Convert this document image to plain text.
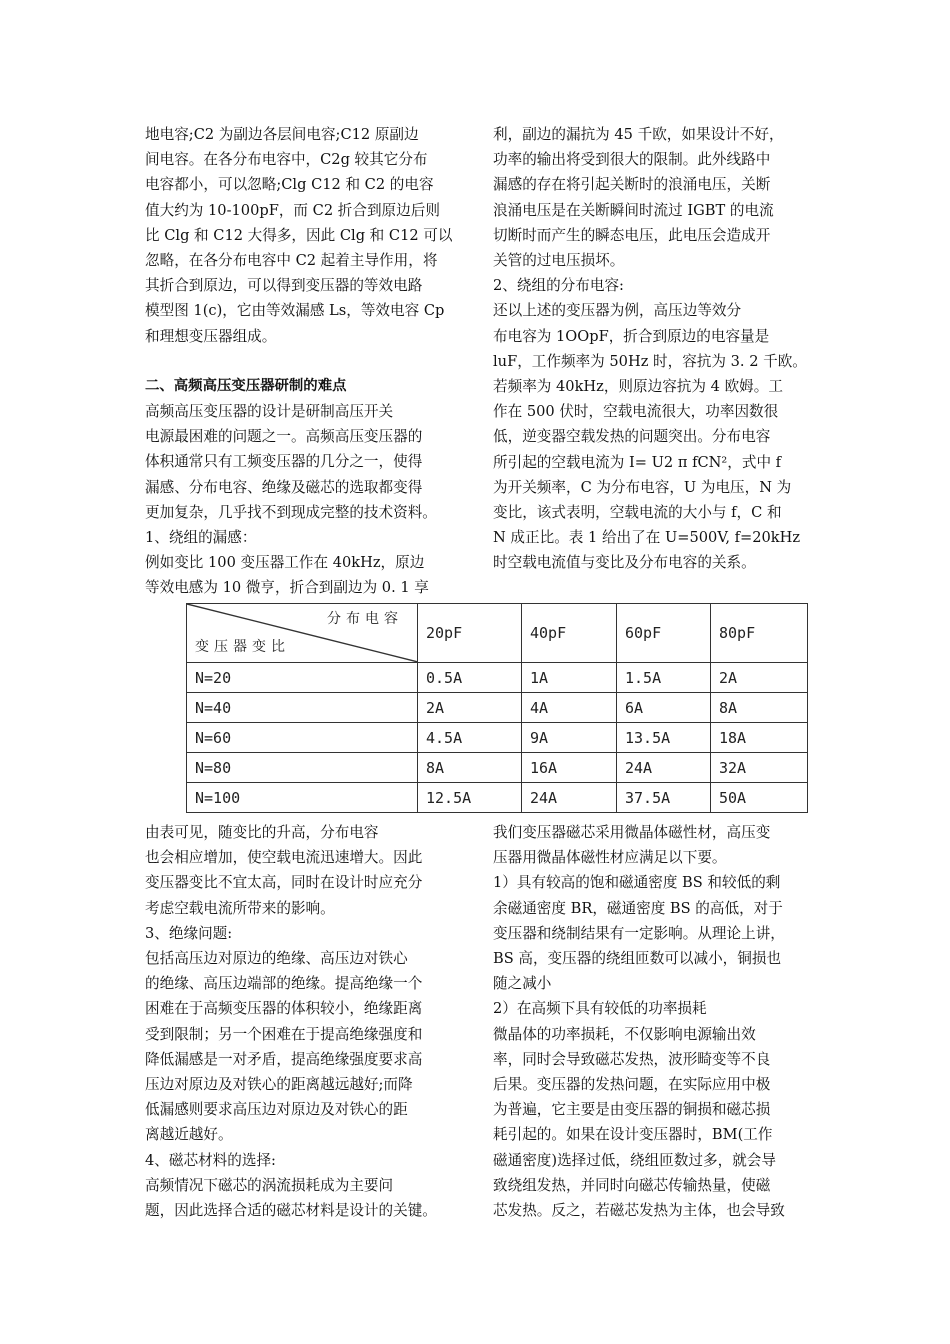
地电容;C2 为副边各层间电容;C12 原副边

间电容。在各分布电容中，C2g 较其它分布

电容都小，可以忽略;Clg C12 和 C2 的电容

值大约为 10-100pF，而 C2 折合到原边后则

比 Clg 和 C12 大得多，因此 Clg 和 C12 可以

忽略，在各分布电容中 C2 起着主导作用，将

其折合到原边，可以得到变压器的等效电路

模型图 1(c)，它由等效漏感 Ls，等效电容 Cp

和理想变压器组成。

二、高频高压变压器研制的难点

高频高压变压器的设计是研制高压开关

电源最困难的问题之一。高频高压变压器的

体积通常只有工频变压器的几分之一，使得

漏感、分布电容、绝缘及磁芯的选取都变得

更加复杂，几乎找不到现成完整的技术资料。

1、绕组的漏感：

例如变比 100 变压器工作在 40kHz，原边

等效电感为 10 微亨，折合到副边为 0. 1 享

利，副边的漏抗为 45 千欧，如果设计不好，

功率的输出将受到很大的限制。此外线路中

漏感的存在将引起关断时的浪涌电压，关断

浪涌电压是在关断瞬间时流过 IGBT 的电流

切断时而产生的瞬态电压，此电压会造成开

关管的过电压损坏。

2、绕组的分布电容:

还以上述的变压器为例，高压边等效分

布电容为 1OOpF，折合到原边的电容量是

luF，工作频率为 50Hz 时，容抗为 3. 2 千欧。

若频率为 40kHz，则原边容抗为 4 欧姆。工

作在 500 伏时，空载电流很大，功率因数很

低，逆变器空载发热的问题突出。分布电容

所引起的空载电流为 I= U2 π fCN²，式中 f

为开关频率，C 为分布电容，U 为电压，N 为

变比，该式表明，空载电流的大小与 f，C 和

N 成正比。表 1 给出了在 U=500V, f=20kHz

时空载电流值与变比及分布电容的关系。

分布电容
变压器变比	20pF	40pF	60pF	80pF
N=20	0.5A	1A	1.5A	2A
N=40	2A	4A	6A	8A
N=60	4.5A	9A	13.5A	18A
N=80	8A	16A	24A	32A
N=100	12.5A	24A	37.5A	50A

由表可见，随变比的升高，分布电容

也会相应增加，使空载电流迅速增大。因此

变压器变比不宜太高，同时在设计时应充分

考虑空载电流所带来的影响。

3、绝缘问题:

包括高压边对原边的绝缘、高压边对铁心

的绝缘、高压边端部的绝缘。提高绝缘一个

困难在于高频变压器的体积较小，绝缘距离

受到限制；另一个困难在于提高绝缘强度和

降低漏感是一对矛盾，提高绝缘强度要求高

压边对原边及对铁心的距离越远越好;而降

低漏感则要求高压边对原边及对铁心的距

离越近越好。

4、磁芯材料的选择:

高频情况下磁芯的涡流损耗成为主要问

题，因此选择合适的磁芯材料是设计的关键。

我们变压器磁芯采用微晶体磁性材，高压变

压器用微晶体磁性材应满足以下要。

1）具有较高的饱和磁通密度 BS 和较低的剩

余磁通密度 BR，磁通密度 BS 的高低，对于

变压器和绕制结果有一定影响。从理论上讲，

BS 高，变压器的绕组匝数可以减小，铜损也

随之减小

2）在高频下具有较低的功率损耗

微晶体的功率损耗，不仅影响电源输出效

率，同时会导致磁芯发热，波形畸变等不良

后果。变压器的发热问题，在实际应用中极

为普遍，它主要是由变压器的铜损和磁芯损

耗引起的。如果在设计变压器时，BM(工作

磁通密度)选择过低，绕组匝数过多，就会导

致绕组发热，并同时向磁芯传输热量，使磁

芯发热。反之，若磁芯发热为主体，也会导致
